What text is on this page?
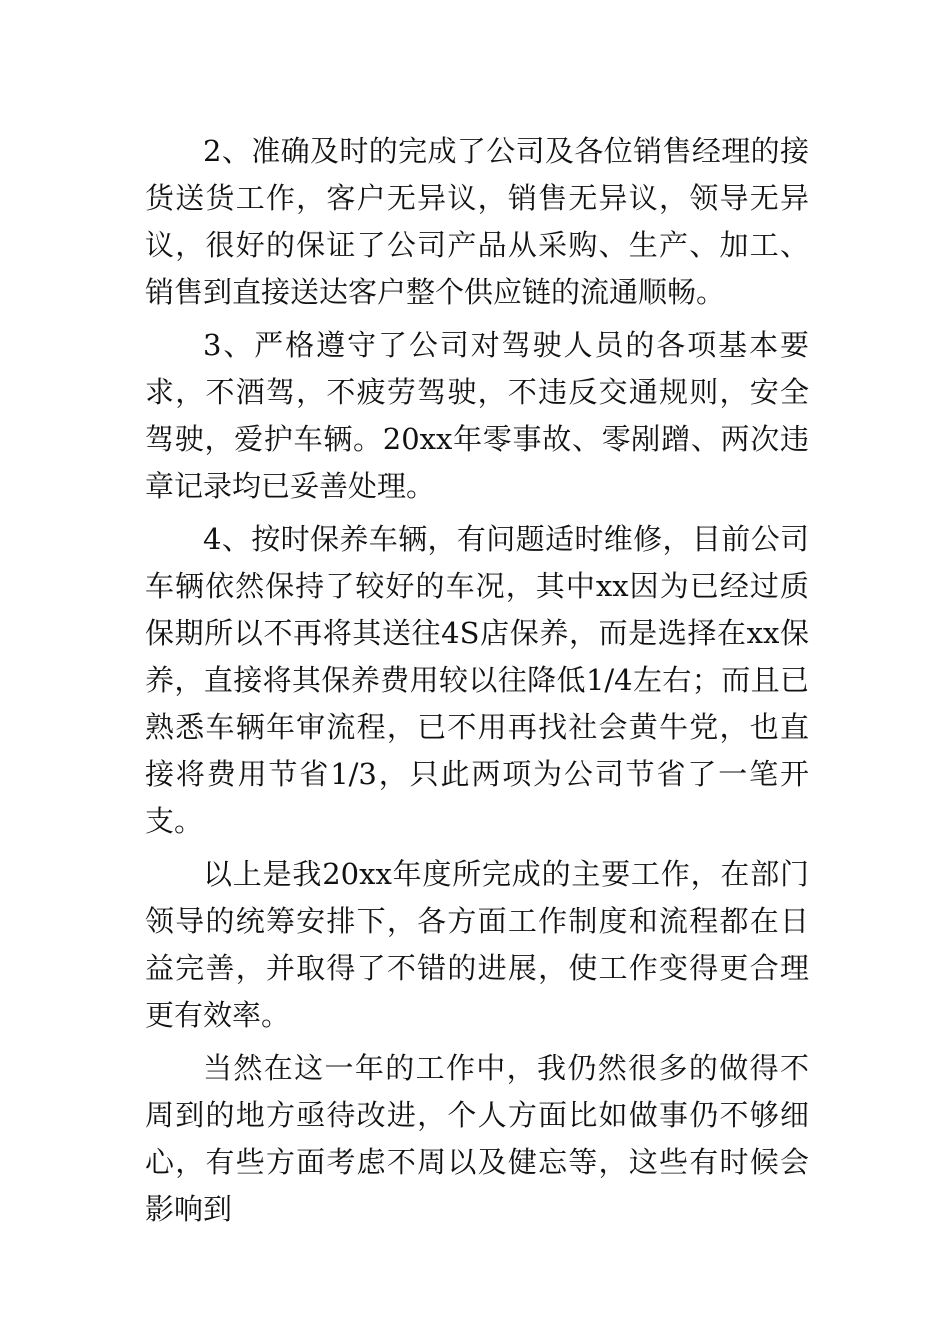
2、准确及时的完成了公司及各位销售经理的接货送货工作，客户无异议，销售无异议，领导无异议，很好的保证了公司产品从采购、生产、加工、销售到直接送达客户整个供应链的流通顺畅。

3、严格遵守了公司对驾驶人员的各项基本要求，不酒驾，不疲劳驾驶，不违反交通规则，安全驾驶，爱护车辆。20xx年零事故、零剐蹭、两次违章记录均已妥善处理。

4、按时保养车辆，有问题适时维修，目前公司车辆依然保持了较好的车况，其中xx因为已经过质保期所以不再将其送往4S店保养，而是选择在xx保养，直接将其保养费用较以往降低1/4左右；而且已熟悉车辆年审流程，已不用再找社会黄牛党，也直接将费用节省1/3，只此两项为公司节省了一笔开支。

以上是我20xx年度所完成的主要工作，在部门领导的统筹安排下，各方面工作制度和流程都在日益完善，并取得了不错的进展，使工作变得更合理更有效率。

当然在这一年的工作中，我仍然很多的做得不周到的地方亟待改进，个人方面比如做事仍不够细心，有些方面考虑不周以及健忘等，这些有时候会影响到
